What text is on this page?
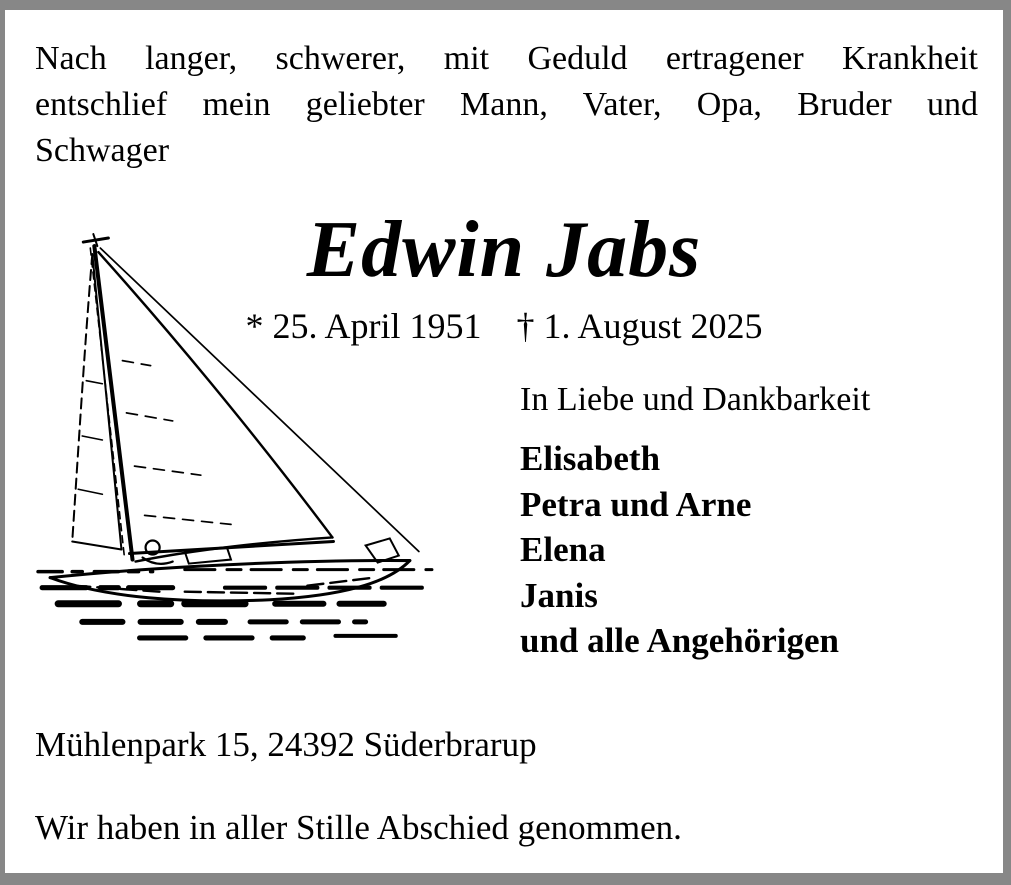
Nach langer, schwerer, mit Geduld ertragener Krankheit
entschlief mein geliebter Mann, Vater, Opa, Bruder und
Schwager
Edwin Jabs
* 25. April 1951 † 1. August 2025
In Liebe und Dankbarkeit
Elisabeth
Petra und Arne
Elena
Janis
und alle Angehörigen
Mühlenpark 15, 24392 Süderbrarup
Wir haben in aller Stille Abschied genommen.
